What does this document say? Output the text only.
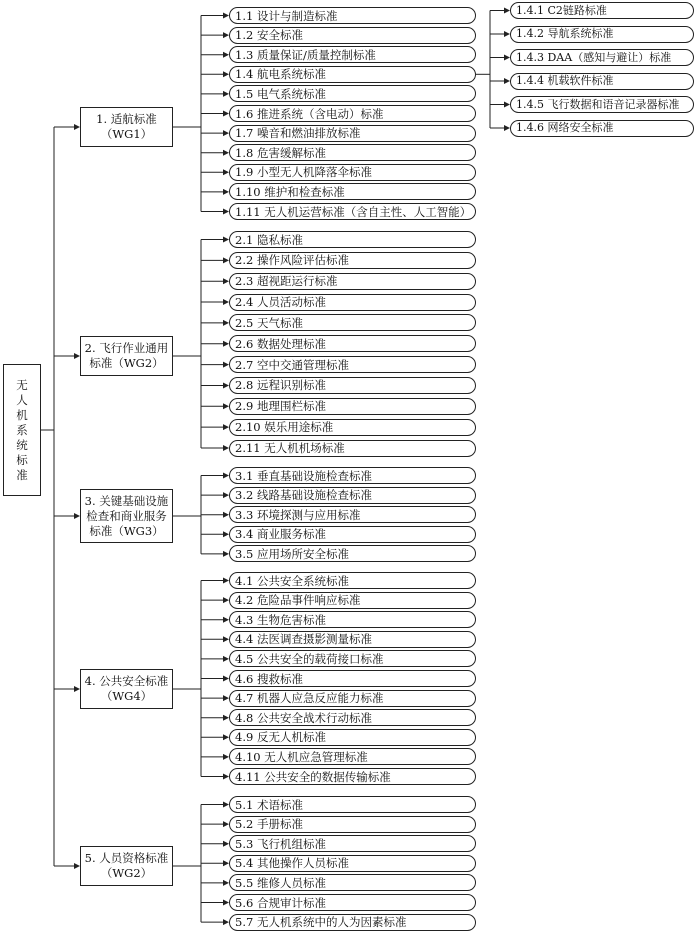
无
人
机
系
统
标
准
1. 适航标准
（WG1）
2. 飞行作业通用
标准（WG2）
3. 关键基础设施
检查和商业服务
标准（WG3）
4. 公共安全标准
（WG4）
5. 人员资格标准
（WG2）
1.1 设计与制造标准
1.2 安全标准
1.3 质量保证/质量控制标准
1.4 航电系统标准
1.5 电气系统标准
1.6 推进系统（含电动）标准
1.7 噪音和燃油排放标准
1.8 危害缓解标准
1.9 小型无人机降落伞标准
1.10 维护和检查标准
1.11 无人机运营标准（含自主性、人工智能）
2.1 隐私标准
2.2 操作风险评估标准
2.3 超视距运行标准
2.4 人员活动标准
2.5 天气标准
2.6 数据处理标准
2.7 空中交通管理标准
2.8 远程识别标准
2.9 地理围栏标准
2.10 娱乐用途标准
2.11 无人机机场标准
3.1 垂直基础设施检查标准
3.2 线路基础设施检查标准
3.3 环境探测与应用标准
3.4 商业服务标准
3.5 应用场所安全标准
4.1 公共安全系统标准
4.2 危险品事件响应标准
4.3 生物危害标准
4.4 法医调查摄影测量标准
4.5 公共安全的载荷接口标准
4.6 搜救标准
4.7 机器人应急反应能力标准
4.8 公共安全战术行动标准
4.9 反无人机标准
4.10 无人机应急管理标准
4.11 公共安全的数据传输标准
5.1 术语标准
5.2 手册标准
5.3 飞行机组标准
5.4 其他操作人员标准
5.5 维修人员标准
5.6 合规审计标准
5.7 无人机系统中的人为因素标准
1.4.1 C2链路标准
1.4.2 导航系统标准
1.4.3 DAA（感知与避让）标准
1.4.4 机载软件标准
1.4.5 飞行数据和语音记录器标准
1.4.6 网络安全标准
